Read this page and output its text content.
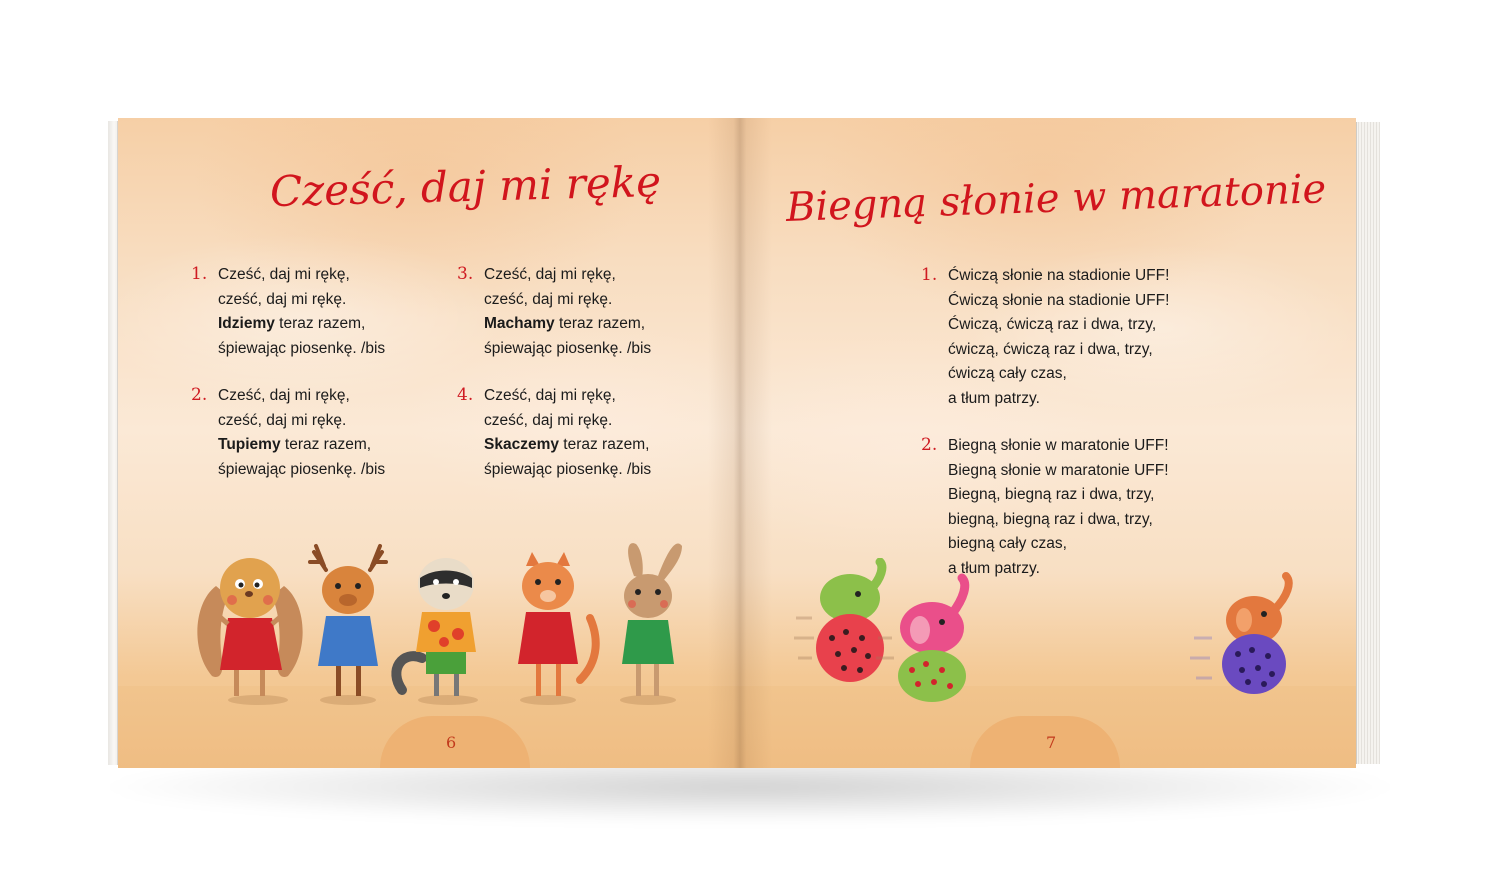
Cześć, daj mi rękę
1. Cześć, daj mi rękę,
cześć, daj mi rękę.
Idziemy teraz razem,
śpiewając piosenkę. /bis
2. Cześć, daj mi rękę,
cześć, daj mi rękę.
Tupiemy teraz razem,
śpiewając piosenkę. /bis
3. Cześć, daj mi rękę,
cześć, daj mi rękę.
Machamy teraz razem,
śpiewając piosenkę. /bis
4. Cześć, daj mi rękę,
cześć, daj mi rękę.
Skaczemy teraz razem,
śpiewając piosenkę. /bis
6
Biegną słonie w maratonie
1. Ćwiczą słonie na stadionie UFF!
Ćwiczą słonie na stadionie UFF!
Ćwiczą, ćwiczą raz i dwa, trzy,
ćwiczą, ćwiczą raz i dwa, trzy,
ćwiczą cały czas,
a tłum patrzy.
2. Biegną słonie w maratonie UFF!
Biegną słonie w maratonie UFF!
Biegną, biegną raz i dwa, trzy,
biegną, biegną raz i dwa, trzy,
biegną cały czas,
a tłum patrzy.
7
